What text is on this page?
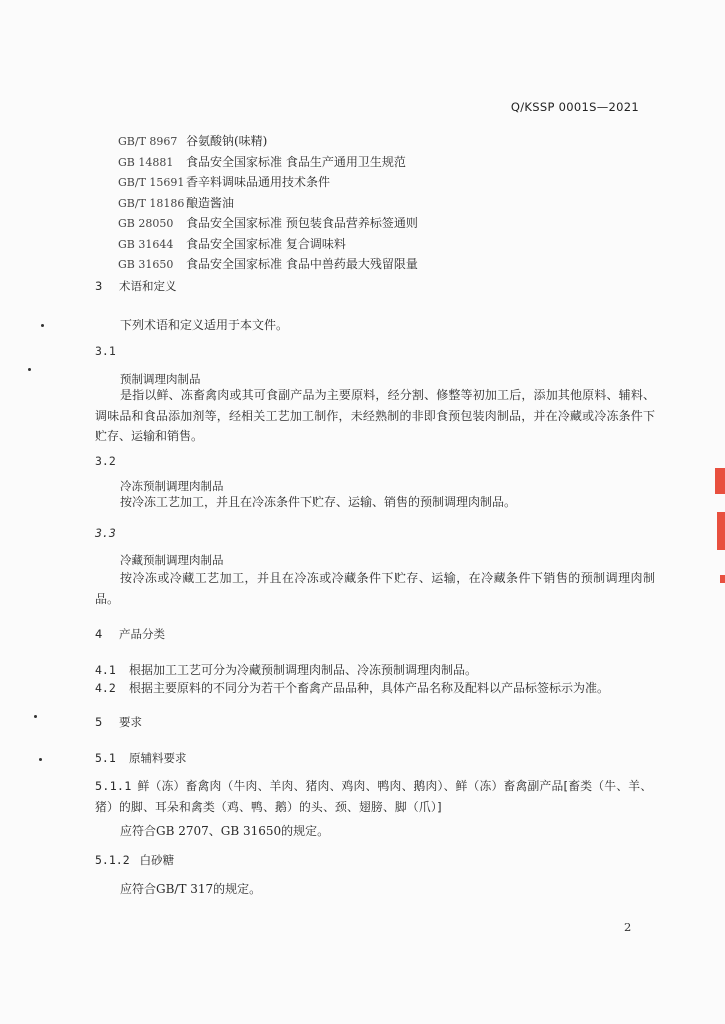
Q/KSSP 0001S—2021
GB/T 8967 谷氨酸钠(味精)
GB 14881 食品安全国家标准 食品生产通用卫生规范
GB/T 15691 香辛料调味品通用技术条件
GB/T 18186 酿造酱油
GB 28050 食品安全国家标准 预包装食品营养标签通则
GB 31644 食品安全国家标准 复合调味料
GB 31650 食品安全国家标准 食品中兽药最大残留限量
3 术语和定义
下列术语和定义适用于本文件。
3.1
预制调理肉制品
是指以鲜、冻畜禽肉或其可食副产品为主要原料，经分割、修整等初加工后，添加其他原料、辅料、调味品和食品添加剂等，经相关工艺加工制作，未经熟制的非即食预包装肉制品，并在冷藏或冷冻条件下贮存、运输和销售。
3.2
冷冻预制调理肉制品
按冷冻工艺加工，并且在冷冻条件下贮存、运输、销售的预制调理肉制品。
3.3
冷藏预制调理肉制品
按冷冻或冷藏工艺加工，并且在冷冻或冷藏条件下贮存、运输，在冷藏条件下销售的预制调理肉制品。
4 产品分类
4.1 根据加工工艺可分为冷藏预制调理肉制品、冷冻预制调理肉制品。
4.2 根据主要原料的不同分为若干个畜禽产品品种，具体产品名称及配料以产品标签标示为准。
5 要求
5.1 原辅料要求
5.1.1 鲜（冻）畜禽肉（牛肉、羊肉、猪肉、鸡肉、鸭肉、鹅肉）、鲜（冻）畜禽副产品[畜类（牛、羊、猪）的脚、耳朵和禽类（鸡、鸭、鹅）的头、颈、翅膀、脚（爪）]
应符合GB 2707、GB 31650的规定。
5.1.2 白砂糖
应符合GB/T 317的规定。
2
